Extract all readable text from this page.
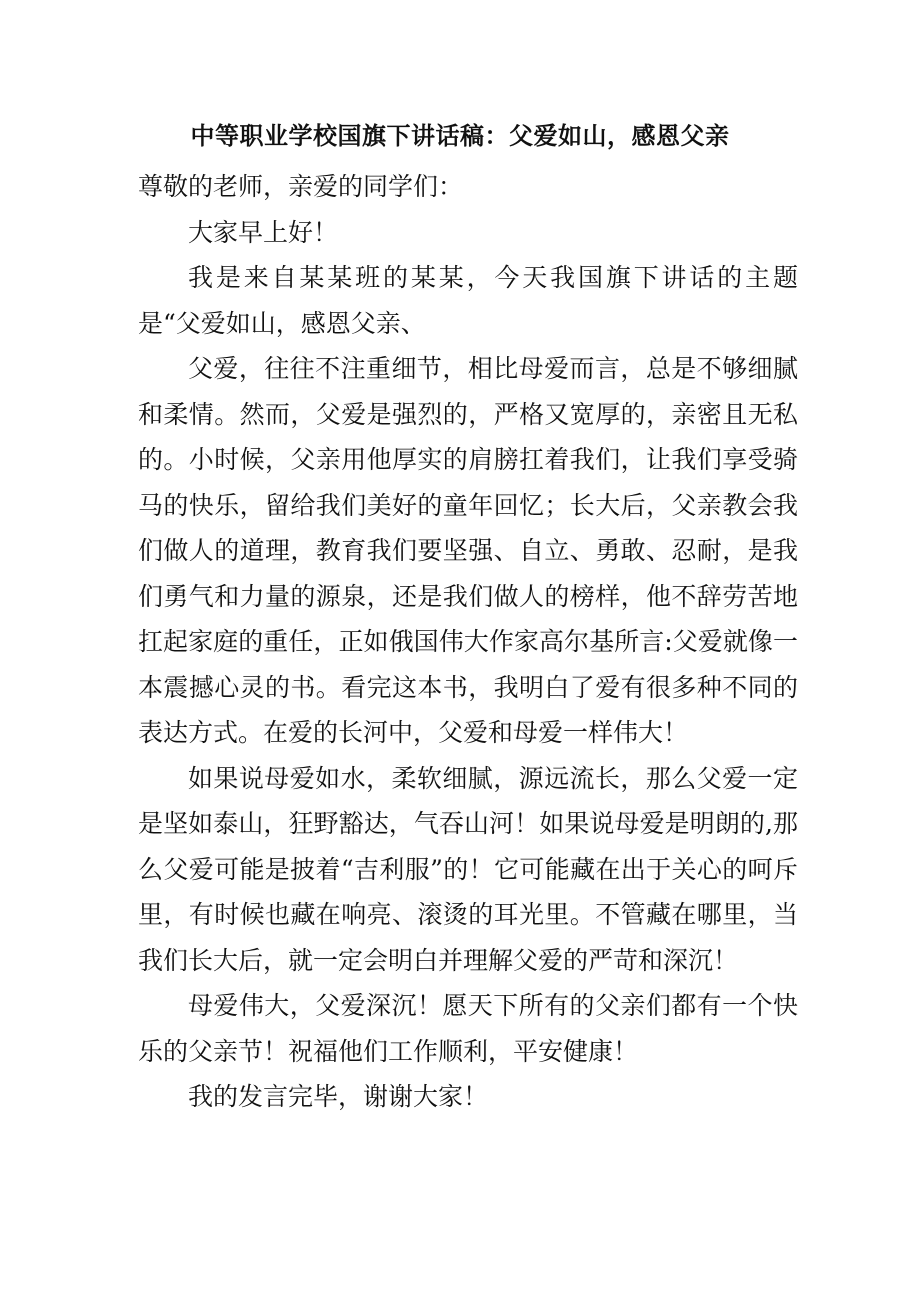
中等职业学校国旗下讲话稿：父爱如山，感恩父亲

尊敬的老师，亲爱的同学们：

大家早上好！

我是来自某某班的某某，今天我国旗下讲话的主题是“父爱如山，感恩父亲、

父爱，往往不注重细节，相比母爱而言，总是不够细腻和柔情。然而，父爱是强烈的，严格又宽厚的，亲密且无私的。小时候，父亲用他厚实的肩膀扛着我们，让我们享受骑马的快乐，留给我们美好的童年回忆；长大后，父亲教会我们做人的道理，教育我们要坚强、自立、勇敢、忍耐，是我们勇气和力量的源泉，还是我们做人的榜样，他不辞劳苦地扛起家庭的重任，正如俄国伟大作家高尔基所言:父爱就像一本震撼心灵的书。看完这本书，我明白了爱有很多种不同的表达方式。在爱的长河中，父爱和母爱一样伟大！

如果说母爱如水，柔软细腻，源远流长，那么父爱一定是坚如泰山，狂野豁达，气吞山河！如果说母爱是明朗的,那么父爱可能是披着“吉利服”的！它可能藏在出于关心的呵斥里，有时候也藏在响亮、滚烫的耳光里。不管藏在哪里，当我们长大后，就一定会明白并理解父爱的严苛和深沉！

母爱伟大，父爱深沉！愿天下所有的父亲们都有一个快乐的父亲节！祝福他们工作顺利，平安健康！

我的发言完毕，谢谢大家！
